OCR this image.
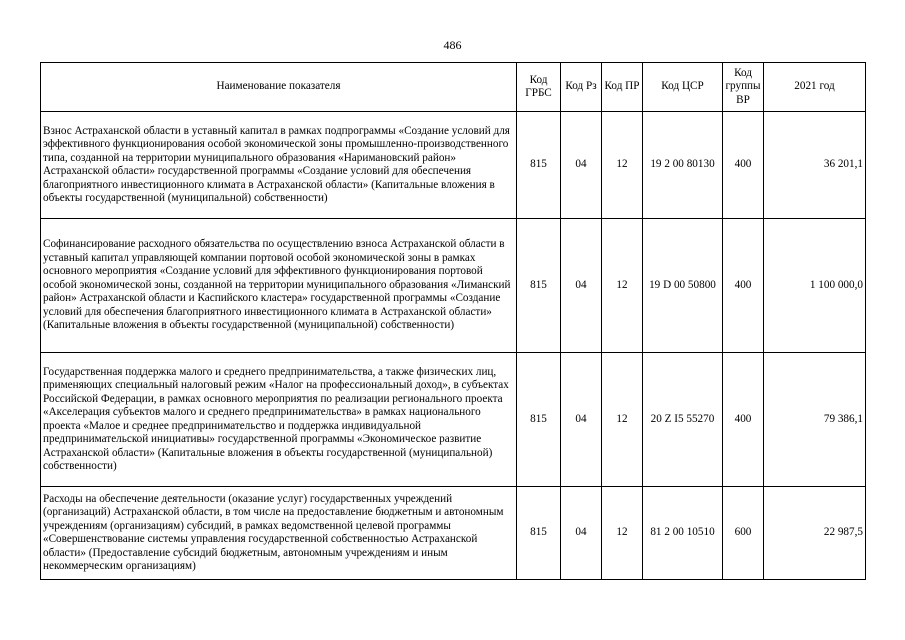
486
Наименование показателя	Код ГРБС	Код Рз	Код ПР	Код ЦСР	Код группы ВР	2021 год
Взнос Астраханской области в уставный капитал в рамках подпрограммы «Создание условий для эффективного функционирования особой экономической зоны промышленно-производственного типа, созданной на территории муниципального образования «Наримановский район» Астраханской области» государственной программы «Создание условий для обеспечения благоприятного инвестиционного климата в Астраханской области» (Капитальные вложения в объекты государственной (муниципальной) собственности)	815	04	12	19 2 00 80130	400	36 201,1
Софинансирование расходного обязательства по осуществлению взноса Астраханской области в уставный капитал управляющей компании портовой особой экономической зоны в рамках основного мероприятия «Создание условий для эффективного функционирования портовой особой экономической зоны, созданной на территории муниципального образования «Лиманский район» Астраханской области и Каспийского кластера» государственной программы «Создание условий для обеспечения благоприятного инвестиционного климата в Астраханской области» (Капитальные вложения в объекты государственной (муниципальной) собственности)	815	04	12	19 D 00 50800	400	1 100 000,0
Государственная поддержка малого и среднего предпринимательства, а также физических лиц, применяющих специальный налоговый режим «Налог на профессиональный доход», в субъектах Российской Федерации, в рамках основного мероприятия по реализации регионального проекта «Акселерация субъектов малого и среднего предпринимательства» в рамках национального проекта «Малое и среднее предпринимательство и поддержка индивидуальной предпринимательской инициативы» государственной программы «Экономическое развитие Астраханской области» (Капитальные вложения в объекты государственной (муниципальной) собственности)	815	04	12	20 Z I5 55270	400	79 386,1
Расходы на обеспечение деятельности (оказание услуг) государственных учреждений (организаций) Астраханской области, в том числе на предоставление бюджетным и автономным учреждениям (организациям) субсидий, в рамках ведомственной целевой программы «Совершенствование системы управления государственной собственностью Астраханской области» (Предоставление субсидий бюджетным, автономным учреждениям и иным некоммерческим организациям)	815	04	12	81 2 00 10510	600	22 987,5
